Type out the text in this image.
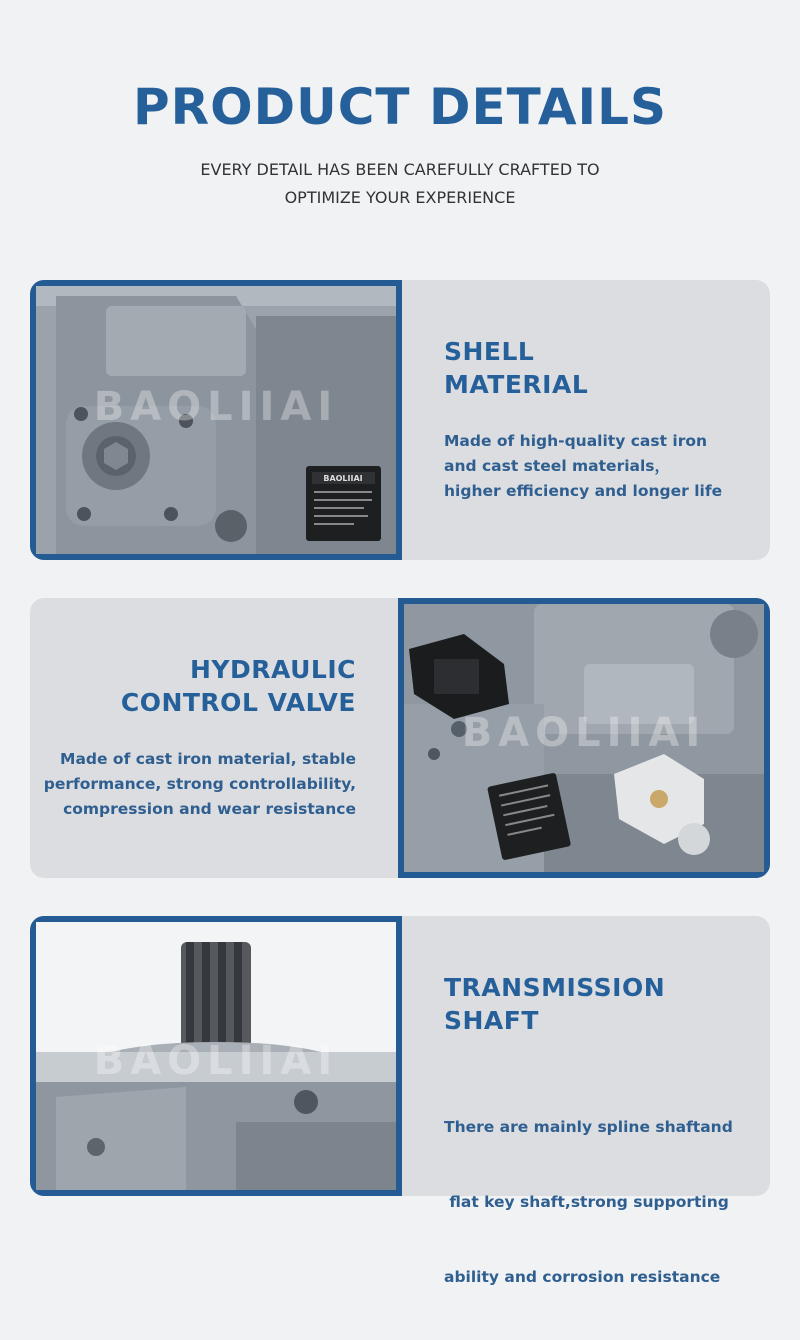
PRODUCT DETAILS
EVERY DETAIL HAS BEEN CAREFULLY CRAFTED TO
OPTIMIZE YOUR EXPERIENCE
BAOLIIAI
BAOLIIAI
SHELL
MATERIAL
Made of high-quality cast iron
and cast steel materials，
higher efficiency and longer life
HYDRAULIC
CONTROL VALVE
Made of cast iron material, stable
performance, strong controllability,
compression and wear resistance
BAOLIIAI
BAOLIIAI
TRANSMISSION
SHAFT

There are mainly spline shaftand

flat key shaft,strong supporting

ability and corrosion resistance
